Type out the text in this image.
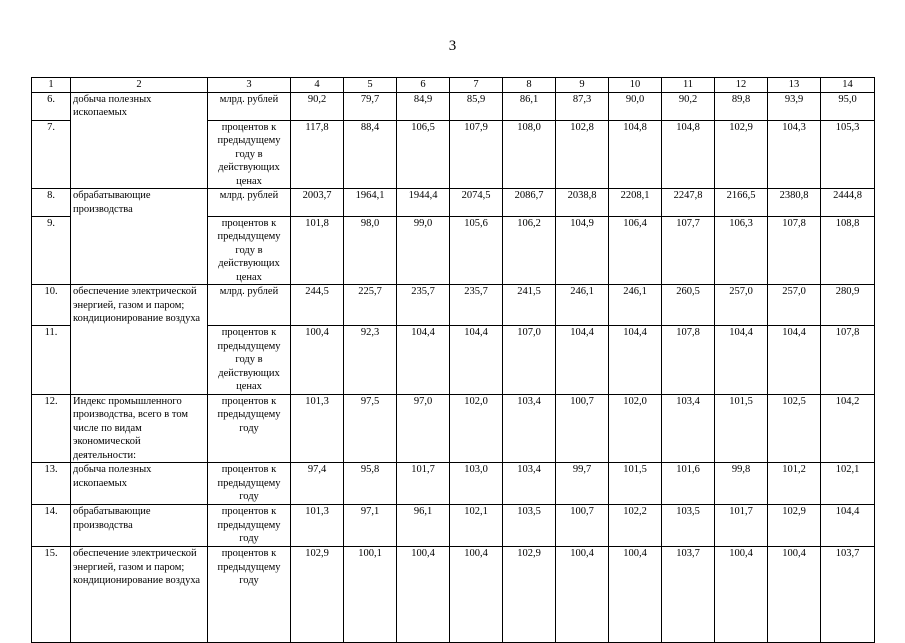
3
1	2	3	4	5	6	7	8	9	10	11	12	13	14
6.	добыча полезных ископаемых	млрд. рублей	90,2	79,7	84,9	85,9	86,1	87,3	90,0	90,2	89,8	93,9	95,0
7.		процентов к предыдущему году в действующих ценах	117,8	88,4	106,5	107,9	108,0	102,8	104,8	104,8	102,9	104,3	105,3
8.	обрабатывающие производства	млрд. рублей	2003,7	1964,1	1944,4	2074,5	2086,7	2038,8	2208,1	2247,8	2166,5	2380,8	2444,8
9.		процентов к предыдущему году в действующих ценах	101,8	98,0	99,0	105,6	106,2	104,9	106,4	107,7	106,3	107,8	108,8
10.	обеспечение электрической энергией, газом и паром; кондиционирование воздуха	млрд. рублей	244,5	225,7	235,7	235,7	241,5	246,1	246,1	260,5	257,0	257,0	280,9
11.		процентов к предыдущему году в действующих ценах	100,4	92,3	104,4	104,4	107,0	104,4	104,4	107,8	104,4	104,4	107,8
12.	Индекс промышленного производства, всего в том числе по видам экономической деятельности:	процентов к предыдущему году	101,3	97,5	97,0	102,0	103,4	100,7	102,0	103,4	101,5	102,5	104,2
13.	добыча полезных ископаемых	процентов к предыдущему году	97,4	95,8	101,7	103,0	103,4	99,7	101,5	101,6	99,8	101,2	102,1
14.	обрабатывающие производства	процентов к предыдущему году	101,3	97,1	96,1	102,1	103,5	100,7	102,2	103,5	101,7	102,9	104,4
15.	обеспечение электрической энергией, газом и паром; кондиционирование воздуха	процентов к предыдущему году	102,9	100,1	100,4	100,4	102,9	100,4	100,4	103,7	100,4	100,4	103,7
